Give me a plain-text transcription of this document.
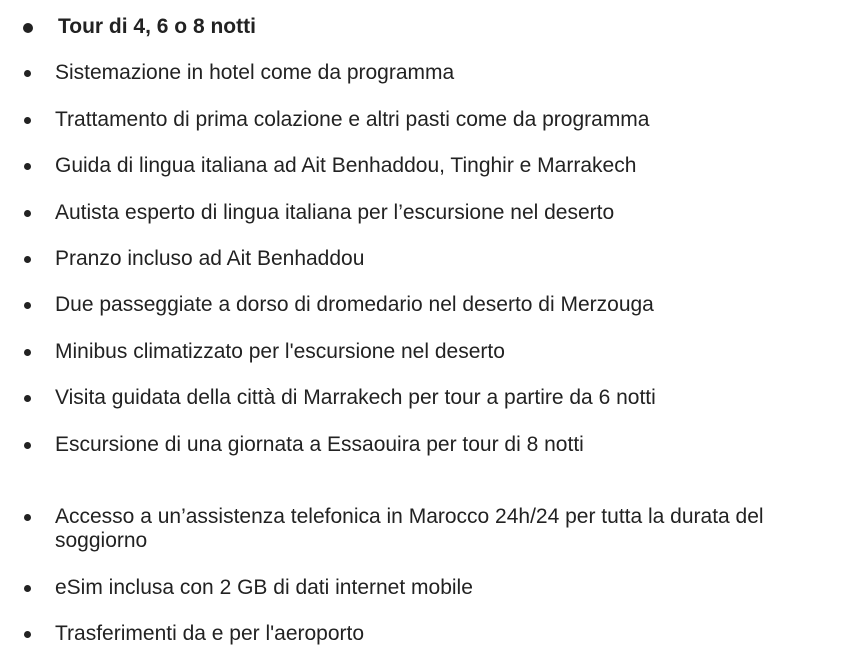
Tour di 4, 6 o 8 notti
Sistemazione in hotel come da programma
Trattamento di prima colazione e altri pasti come da programma
Guida di lingua italiana ad Ait Benhaddou, Tinghir e Marrakech
Autista esperto di lingua italiana per l’escursione nel deserto
Pranzo incluso ad Ait Benhaddou
Due passeggiate a dorso di dromedario nel deserto di Merzouga
Minibus climatizzato per l'escursione nel deserto
Visita guidata della città di Marrakech per tour a partire da 6 notti
Escursione di una giornata a Essaouira per tour di 8 notti
Accesso a un’assistenza telefonica in Marocco 24h/24 per tutta la durata del soggiorno
eSim inclusa con 2 GB di dati internet mobile
Trasferimenti da e per l'aeroporto
